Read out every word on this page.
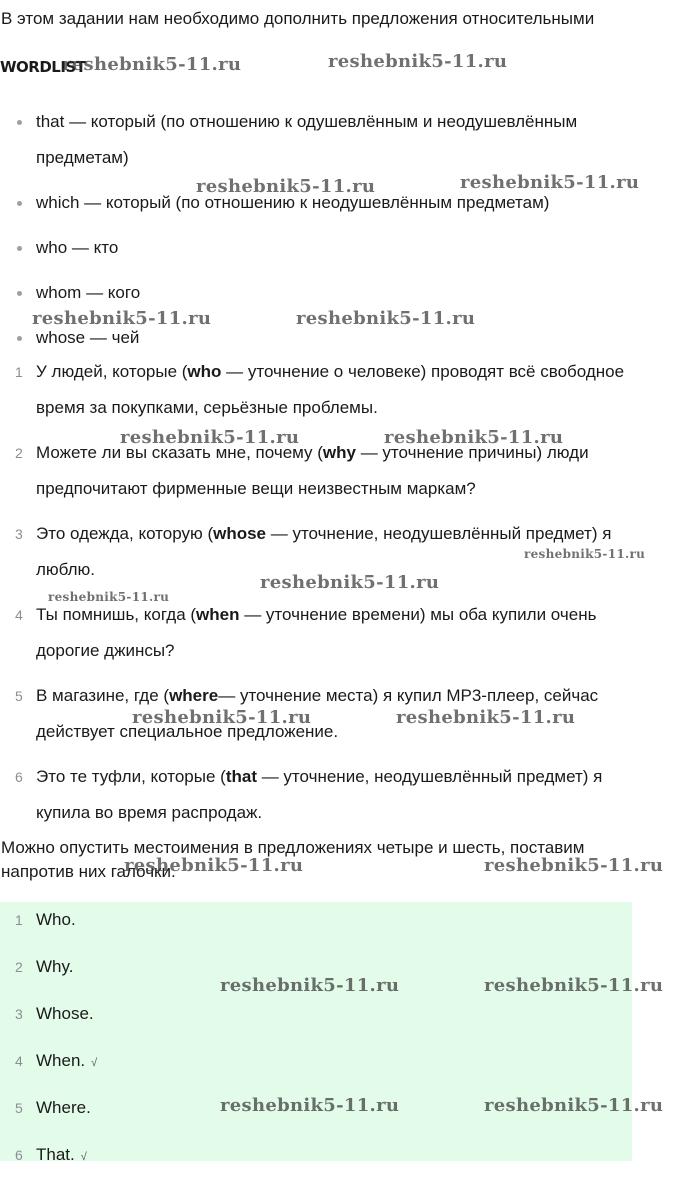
В этом задании нам необходимо дополнить предложения относительными

WORDLIST
that — который (по отношению к одушевлённым и неодушевлённым
предметам)
which — который (по отношению к неодушевлённым предметам)
who — кто
whom — кого
whose — чей
1 У людей, которые (who — уточнение о человеке) проводят всё свободное
время за покупками, серьёзные проблемы.
2 Можете ли вы сказать мне, почему (why — уточнение причины) люди
предпочитают фирменные вещи неизвестным маркам?
3 Это одежда, которую (whose — уточнение, неодушевлённый предмет) я
люблю.
4 Ты помнишь, когда (when — уточнение времени) мы оба купили очень
дорогие джинсы?
5 В магазине, где (where— уточнение места) я купил MP3-плеер, сейчас
действует специальное предложение.
6 Это те туфли, которые (that — уточнение, неодушевлённый предмет) я
купила во время распродаж.

Можно опустить местоимения в предложениях четыре и шесть, поставим
напротив них галочки.

1 Who.
2 Why.
3 Whose.
4 When. √
5 Where.
6 That. √
reshebnik5-11.ru	reshebnik5-11.ru
reshebnik5-11.ru	reshebnik5-11.ru
reshebnik5-11.ru	reshebnik5-11.ru
reshebnik5-11.ru	reshebnik5-11.ru
reshebnik5-11.ru
reshebnik5-11.ru
reshebnik5-11.ru
reshebnik5-11.ru	reshebnik5-11.ru
reshebnik5-11.ru	reshebnik5-11.ru
reshebnik5-11.ru	reshebnik5-11.ru
reshebnik5-11.ru	reshebnik5-11.ru
